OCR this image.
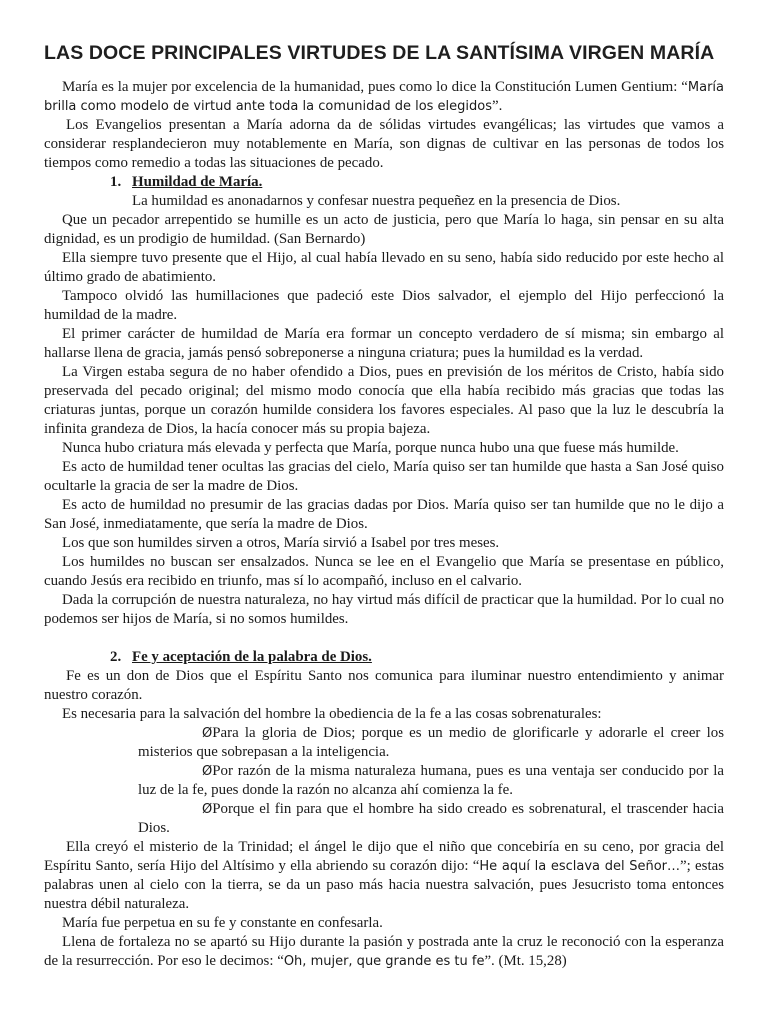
LAS DOCE PRINCIPALES VIRTUDES DE LA SANTÍSIMA VIRGEN MARÍA

María es la mujer por excelencia de la humanidad, pues como lo dice la Constitución Lumen Gentium: “María brilla como modelo de virtud ante toda la comunidad de los elegidos”.

Los Evangelios presentan a María adorna da de sólidas virtudes evangélicas; las virtudes que vamos a considerar resplandecieron muy notablemente en María, son dignas de cultivar en las personas de todos los tiempos como remedio a todas las situaciones de pecado.

1. Humildad de María.

La humildad es anonadarnos y confesar nuestra pequeñez en la presencia de Dios.

Que un pecador arrepentido se humille es un acto de justicia, pero que María lo haga, sin pensar en su alta dignidad, es un prodigio de humildad. (San Bernardo)

Ella siempre tuvo presente que el Hijo, al cual había llevado en su seno, había sido reducido por este hecho al último grado de abatimiento.

Tampoco olvidó las humillaciones que padeció este Dios salvador, el ejemplo del Hijo perfeccionó la humildad de la madre.

El primer carácter de humildad de María era formar un concepto verdadero de sí misma; sin embargo al hallarse llena de gracia, jamás pensó sobreponerse a ninguna criatura; pues la humildad es la verdad.

La Virgen estaba segura de no haber ofendido a Dios, pues en previsión de los méritos de Cristo, había sido preservada del pecado original; del mismo modo conocía que ella había recibido más gracias que todas las criaturas juntas, porque un corazón humilde considera los favores especiales. Al paso que la luz le descubría la infinita grandeza de Dios, la hacía conocer más su propia bajeza.

Nunca hubo criatura más elevada y perfecta que María, porque nunca hubo una que fuese más humilde.

Es acto de humildad tener ocultas las gracias del cielo, María quiso ser tan humilde que hasta a San José quiso ocultarle la gracia de ser la madre de Dios.

Es acto de humildad no presumir de las gracias dadas por Dios. María quiso ser tan humilde que no le dijo a San José, inmediatamente, que sería la madre de Dios.

Los que son humildes sirven a otros, María sirvió a Isabel por tres meses.

Los humildes no buscan ser ensalzados. Nunca se lee en el Evangelio que María se presentase en público, cuando Jesús era recibido en triunfo, mas sí lo acompañó, incluso en el calvario.

Dada la corrupción de nuestra naturaleza, no hay virtud más difícil de practicar que la humildad. Por lo cual no podemos ser hijos de María, si no somos humildes.

2. Fe y aceptación de la palabra de Dios.

Fe es un don de Dios que el Espíritu Santo nos comunica para iluminar nuestro entendimiento y animar nuestro corazón.

Es necesaria para la salvación del hombre la obediencia de la fe a las cosas sobrenaturales:

ØPara la gloria de Dios; porque es un medio de glorificarle y adorarle el creer los misterios que sobrepasan a la inteligencia.

ØPor razón de la misma naturaleza humana, pues es una ventaja ser conducido por la luz de la fe, pues donde la razón no alcanza ahí comienza la fe.

ØPorque el fin para que el hombre ha sido creado es sobrenatural, el trascender hacia Dios.

Ella creyó el misterio de la Trinidad; el ángel le dijo que el niño que concebiría en su ceno, por gracia del Espíritu Santo, sería Hijo del Altísimo y ella abriendo su corazón dijo: “He aquí la esclava del Señor…”; estas palabras unen al cielo con la tierra, se da un paso más hacia nuestra salvación, pues Jesucristo toma entonces nuestra débil naturaleza.

María fue perpetua en su fe y constante en confesarla.

Llena de fortaleza no se apartó su Hijo durante la pasión y postrada ante la cruz le reconoció con la esperanza de la resurrección. Por eso le decimos: “Oh, mujer, que grande es tu fe”. (Mt. 15,28)
